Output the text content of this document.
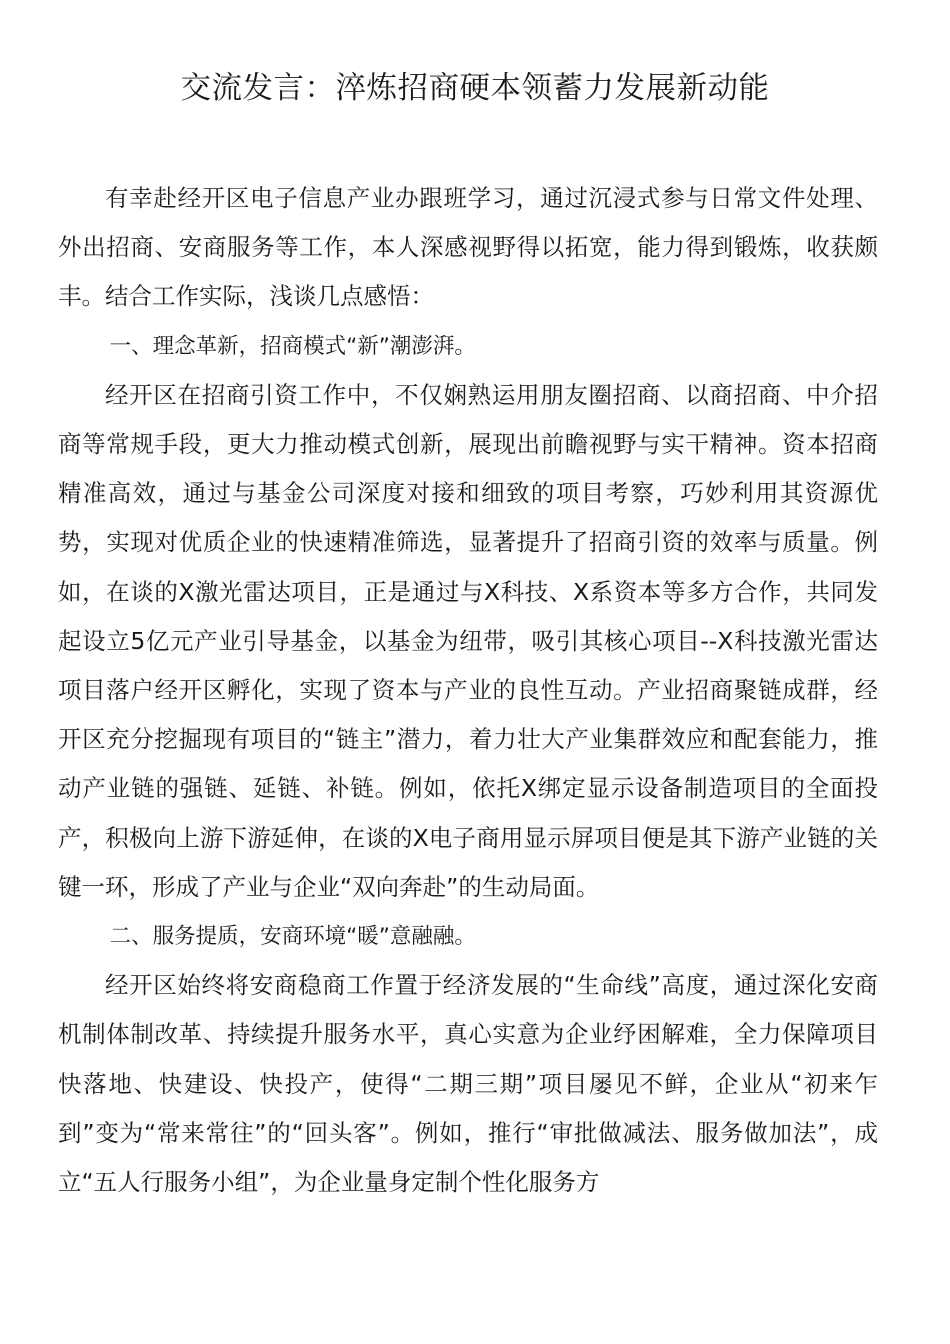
交流发言：淬炼招商硬本领蓄力发展新动能

有幸赴经开区电子信息产业办跟班学习，通过沉浸式参与日常文件处理、外出招商、安商服务等工作，本人深感视野得以拓宽，能力得到锻炼，收获颇丰。结合工作实际，浅谈几点感悟：

一、理念革新，招商模式“新”潮澎湃。

经开区在招商引资工作中，不仅娴熟运用朋友圈招商、以商招商、中介招商等常规手段，更大力推动模式创新，展现出前瞻视野与实干精神。资本招商精准高效，通过与基金公司深度对接和细致的项目考察，巧妙利用其资源优势，实现对优质企业的快速精准筛选，显著提升了招商引资的效率与质量。例如，在谈的X激光雷达项目，正是通过与X科技、X系资本等多方合作，共同发起设立5亿元产业引导基金，以基金为纽带，吸引其核心项目--X科技激光雷达项目落户经开区孵化，实现了资本与产业的良性互动。产业招商聚链成群，经开区充分挖掘现有项目的“链主”潜力，着力壮大产业集群效应和配套能力，推动产业链的强链、延链、补链。例如，依托X绑定显示设备制造项目的全面投产，积极向上游下游延伸，在谈的X电子商用显示屏项目便是其下游产业链的关键一环，形成了产业与企业“双向奔赴”的生动局面。

二、服务提质，安商环境“暖”意融融。

经开区始终将安商稳商工作置于经济发展的“生命线”高度，通过深化安商机制体制改革、持续提升服务水平，真心实意为企业纾困解难，全力保障项目快落地、快建设、快投产，使得“二期三期”项目屡见不鲜，企业从“初来乍到”变为“常来常往”的“回头客”。例如，推行“审批做减法、服务做加法”，成立“五人行服务小组”，为企业量身定制个性化服务方
